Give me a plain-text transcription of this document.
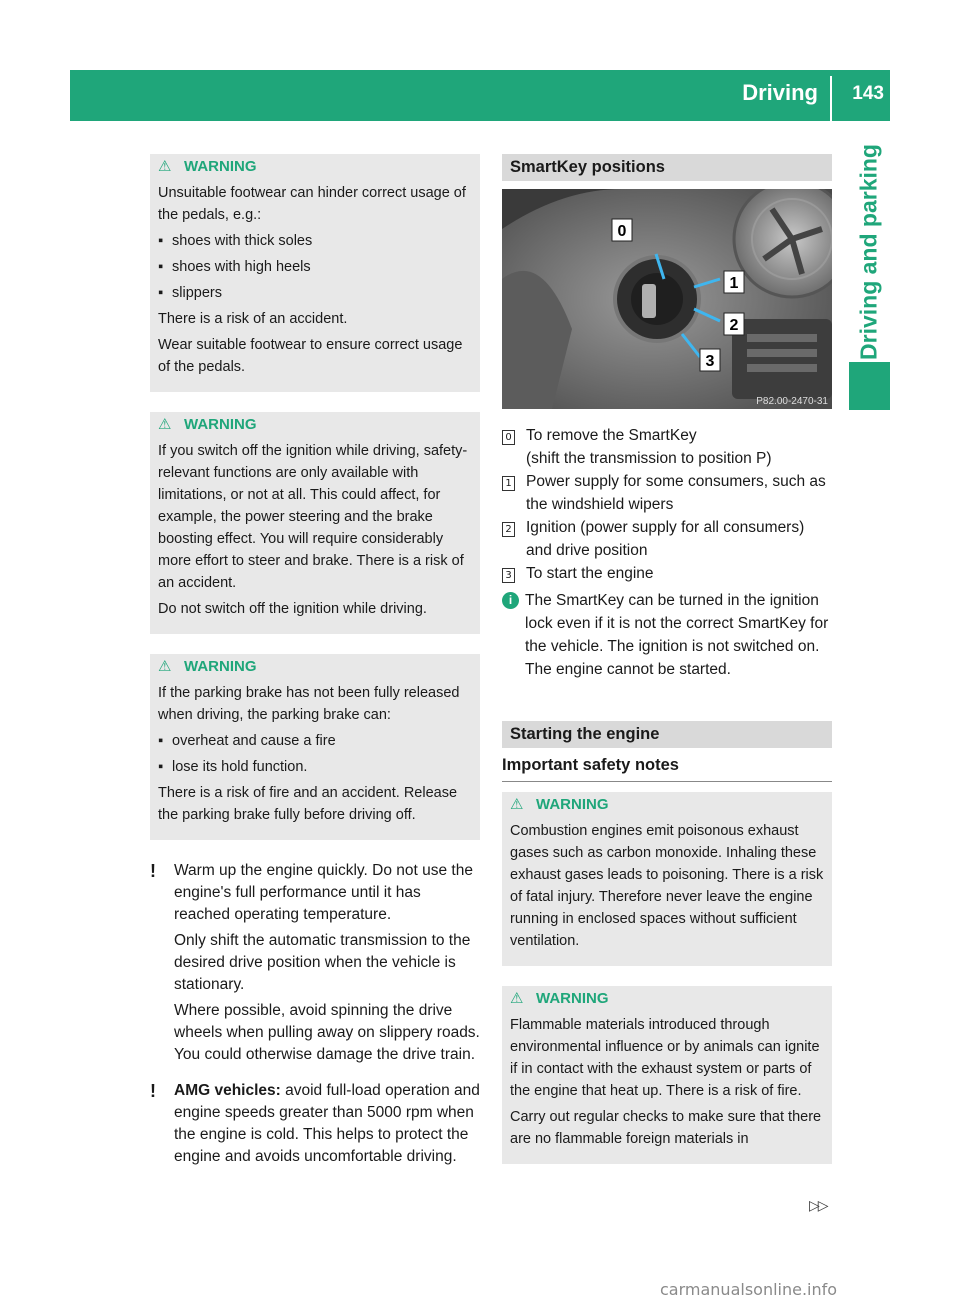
Driving 143
Driving and parking
⚠ WARNING

Unsuitable footwear can hinder correct usage of the pedals, e.g.:

▪ shoes with thick soles
▪ shoes with high heels
▪ slippers

There is a risk of an accident.

Wear suitable footwear to ensure correct usage of the pedals.

⚠ WARNING

If you switch off the ignition while driving, safety-relevant functions are only available with limitations, or not at all. This could affect, for example, the power steering and the brake boosting effect. You will require considerably more effort to steer and brake. There is a risk of an accident.

Do not switch off the ignition while driving.

⚠ WARNING

If the parking brake has not been fully released when driving, the parking brake can:

▪ overheat and cause a fire
▪ lose its hold function.

There is a risk of fire and an accident. Release the parking brake fully before driving off.

!	Warm up the engine quickly. Do not use the engine's full performance until it has reached operating temperature.

Only shift the automatic transmission to the desired drive position when the vehicle is stationary.

Where possible, avoid spinning the drive wheels when pulling away on slippery roads. You could otherwise damage the drive train.

!	AMG vehicles: avoid full-load operation and engine speeds greater than 5000 rpm when the engine is cold. This helps to protect the engine and avoids uncomfortable driving.

SmartKey positions
0
1
2
3
P82.00-2470-31
0 To remove the SmartKey

(shift the transmission to position P)

1 Power supply for some consumers, such as the windshield wipers

2 Ignition (power supply for all consumers) and drive position

3 To start the engine

i The SmartKey can be turned in the ignition lock even if it is not the correct SmartKey for the vehicle. The ignition is not switched on. The engine cannot be started.
Starting the engine
Important safety notes
⚠ WARNING

Combustion engines emit poisonous exhaust gases such as carbon monoxide. Inhaling these exhaust gases leads to poisoning. There is a risk of fatal injury. Therefore never leave the engine running in enclosed spaces without sufficient ventilation.

⚠ WARNING

Flammable materials introduced through environmental influence or by animals can ignite if in contact with the exhaust system or parts of the engine that heat up. There is a risk of fire.

Carry out regular checks to make sure that there are no flammable foreign materials in

▷▷
carmanualsonline.info
